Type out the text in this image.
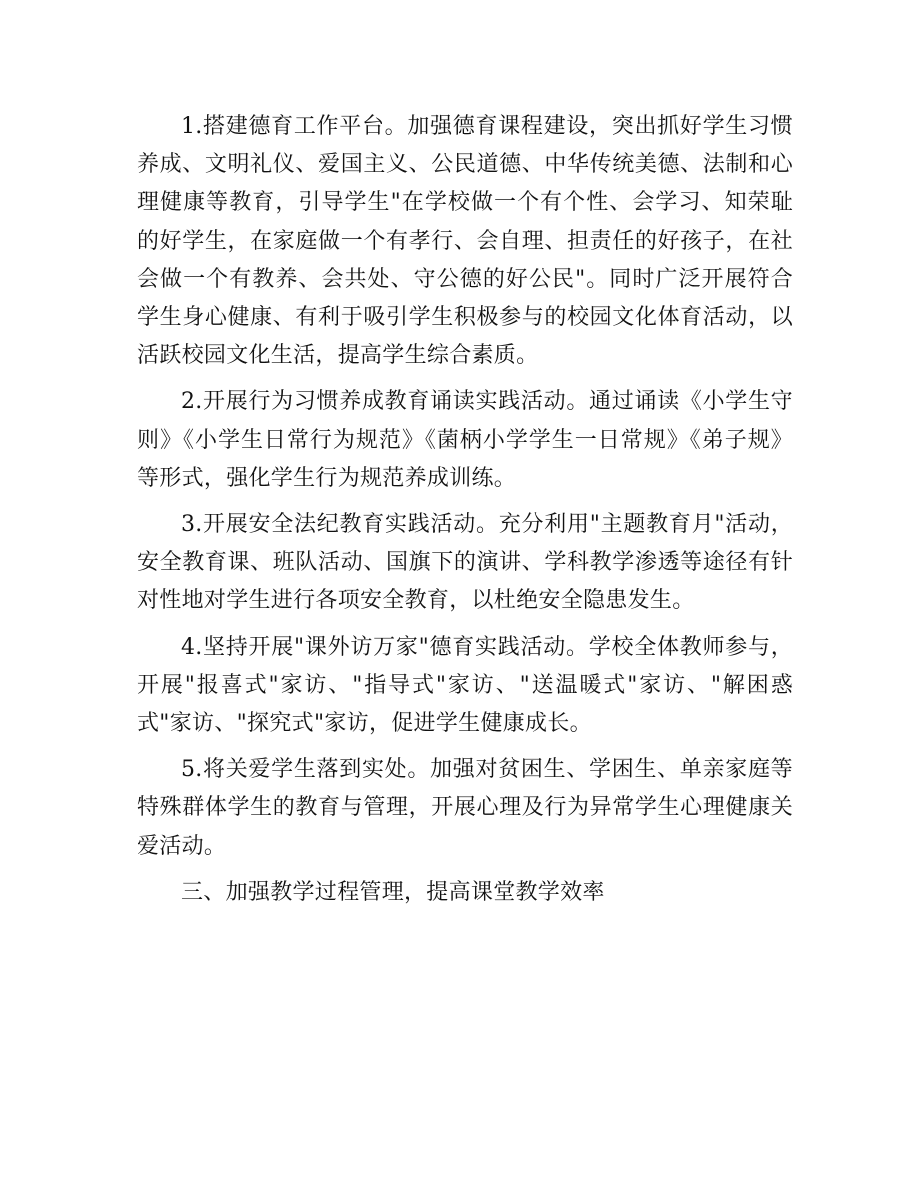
1.搭建德育工作平台。加强德育课程建设，突出抓好学生习惯养成、文明礼仪、爱国主义、公民道德、中华传统美德、法制和心理健康等教育，引导学生"在学校做一个有个性、会学习、知荣耻的好学生，在家庭做一个有孝行、会自理、担责任的好孩子，在社会做一个有教养、会共处、守公德的好公民"。同时广泛开展符合学生身心健康、有利于吸引学生积极参与的校园文化体育活动，以活跃校园文化生活，提高学生综合素质。

2.开展行为习惯养成教育诵读实践活动。通过诵读《小学生守则》《小学生日常行为规范》《菌柄小学学生一日常规》《弟子规》等形式，强化学生行为规范养成训练。

3.开展安全法纪教育实践活动。充分利用"主题教育月"活动，安全教育课、班队活动、国旗下的演讲、学科教学渗透等途径有针对性地对学生进行各项安全教育，以杜绝安全隐患发生。

4.坚持开展"课外访万家"德育实践活动。学校全体教师参与，开展"报喜式"家访、"指导式"家访、"送温暖式"家访、"解困惑式"家访、"探究式"家访，促进学生健康成长。

5.将关爱学生落到实处。加强对贫困生、学困生、单亲家庭等特殊群体学生的教育与管理，开展心理及行为异常学生心理健康关爱活动。

三、加强教学过程管理，提高课堂教学效率
